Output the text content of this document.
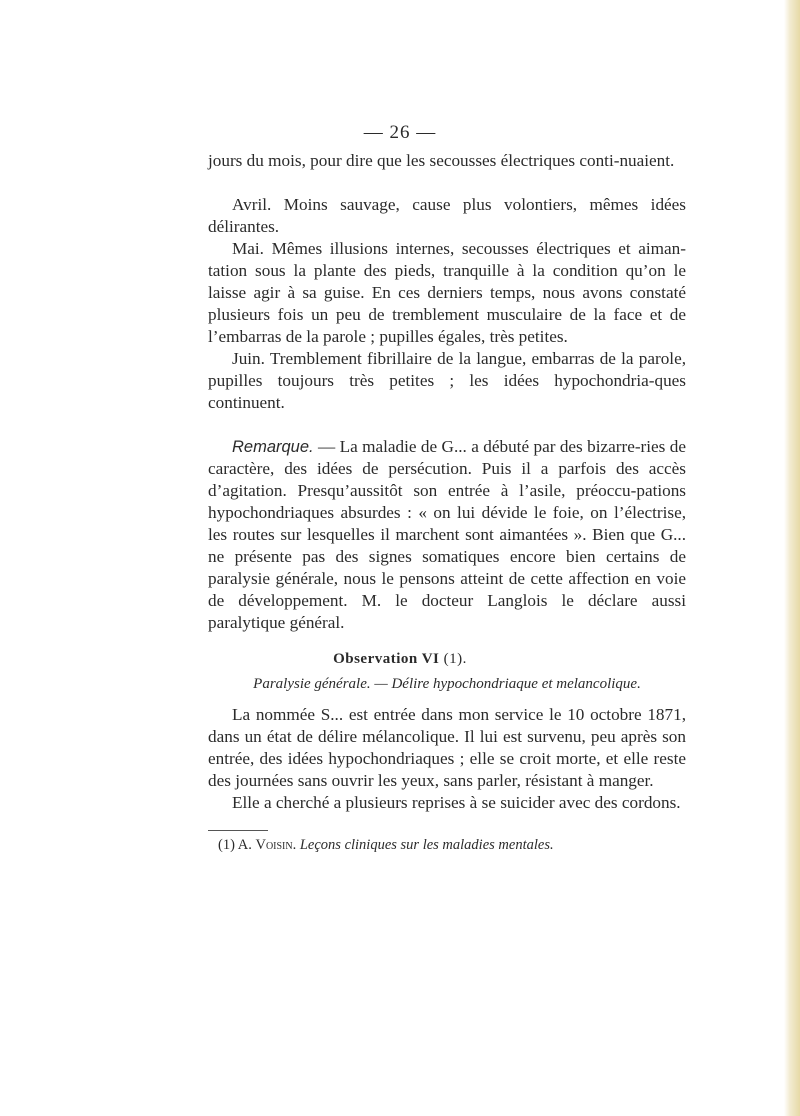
— 26 —

jours du mois, pour dire que les secousses électriques conti-nuaient.

Avril. Moins sauvage, cause plus volontiers, mêmes idées délirantes.

Mai. Mêmes illusions internes, secousses électriques et aiman-tation sous la plante des pieds, tranquille à la condition qu’on le laisse agir à sa guise. En ces derniers temps, nous avons constaté plusieurs fois un peu de tremblement musculaire de la face et de l’embarras de la parole ; pupilles égales, très petites.

Juin. Tremblement fibrillaire de la langue, embarras de la parole, pupilles toujours très petites ; les idées hypochondria-ques continuent.

Remarque. — La maladie de G... a débuté par des bizarre-ries de caractère, des idées de persécution. Puis il a parfois des accès d’agitation. Presqu’aussitôt son entrée à l’asile, préoccu-pations hypochondriaques absurdes : « on lui dévide le foie, on l’électrise, les routes sur lesquelles il marchent sont aimantées ». Bien que G... ne présente pas des signes somatiques encore bien certains de paralysie générale, nous le pensons atteint de cette affection en voie de développement. M. le docteur Langlois le déclare aussi paralytique général.

Observation VI (1).
Paralysie générale. — Délire hypochondriaque et melancolique.

La nommée S... est entrée dans mon service le 10 octobre 1871, dans un état de délire mélancolique. Il lui est survenu, peu après son entrée, des idées hypochondriaques ; elle se croit morte, et elle reste des journées sans ouvrir les yeux, sans parler, résistant à manger.

(1) A. Voisin. Leçons cliniques sur les maladies mentales.

Elle a cherché a plusieurs reprises à se suicider avec des cordons.
